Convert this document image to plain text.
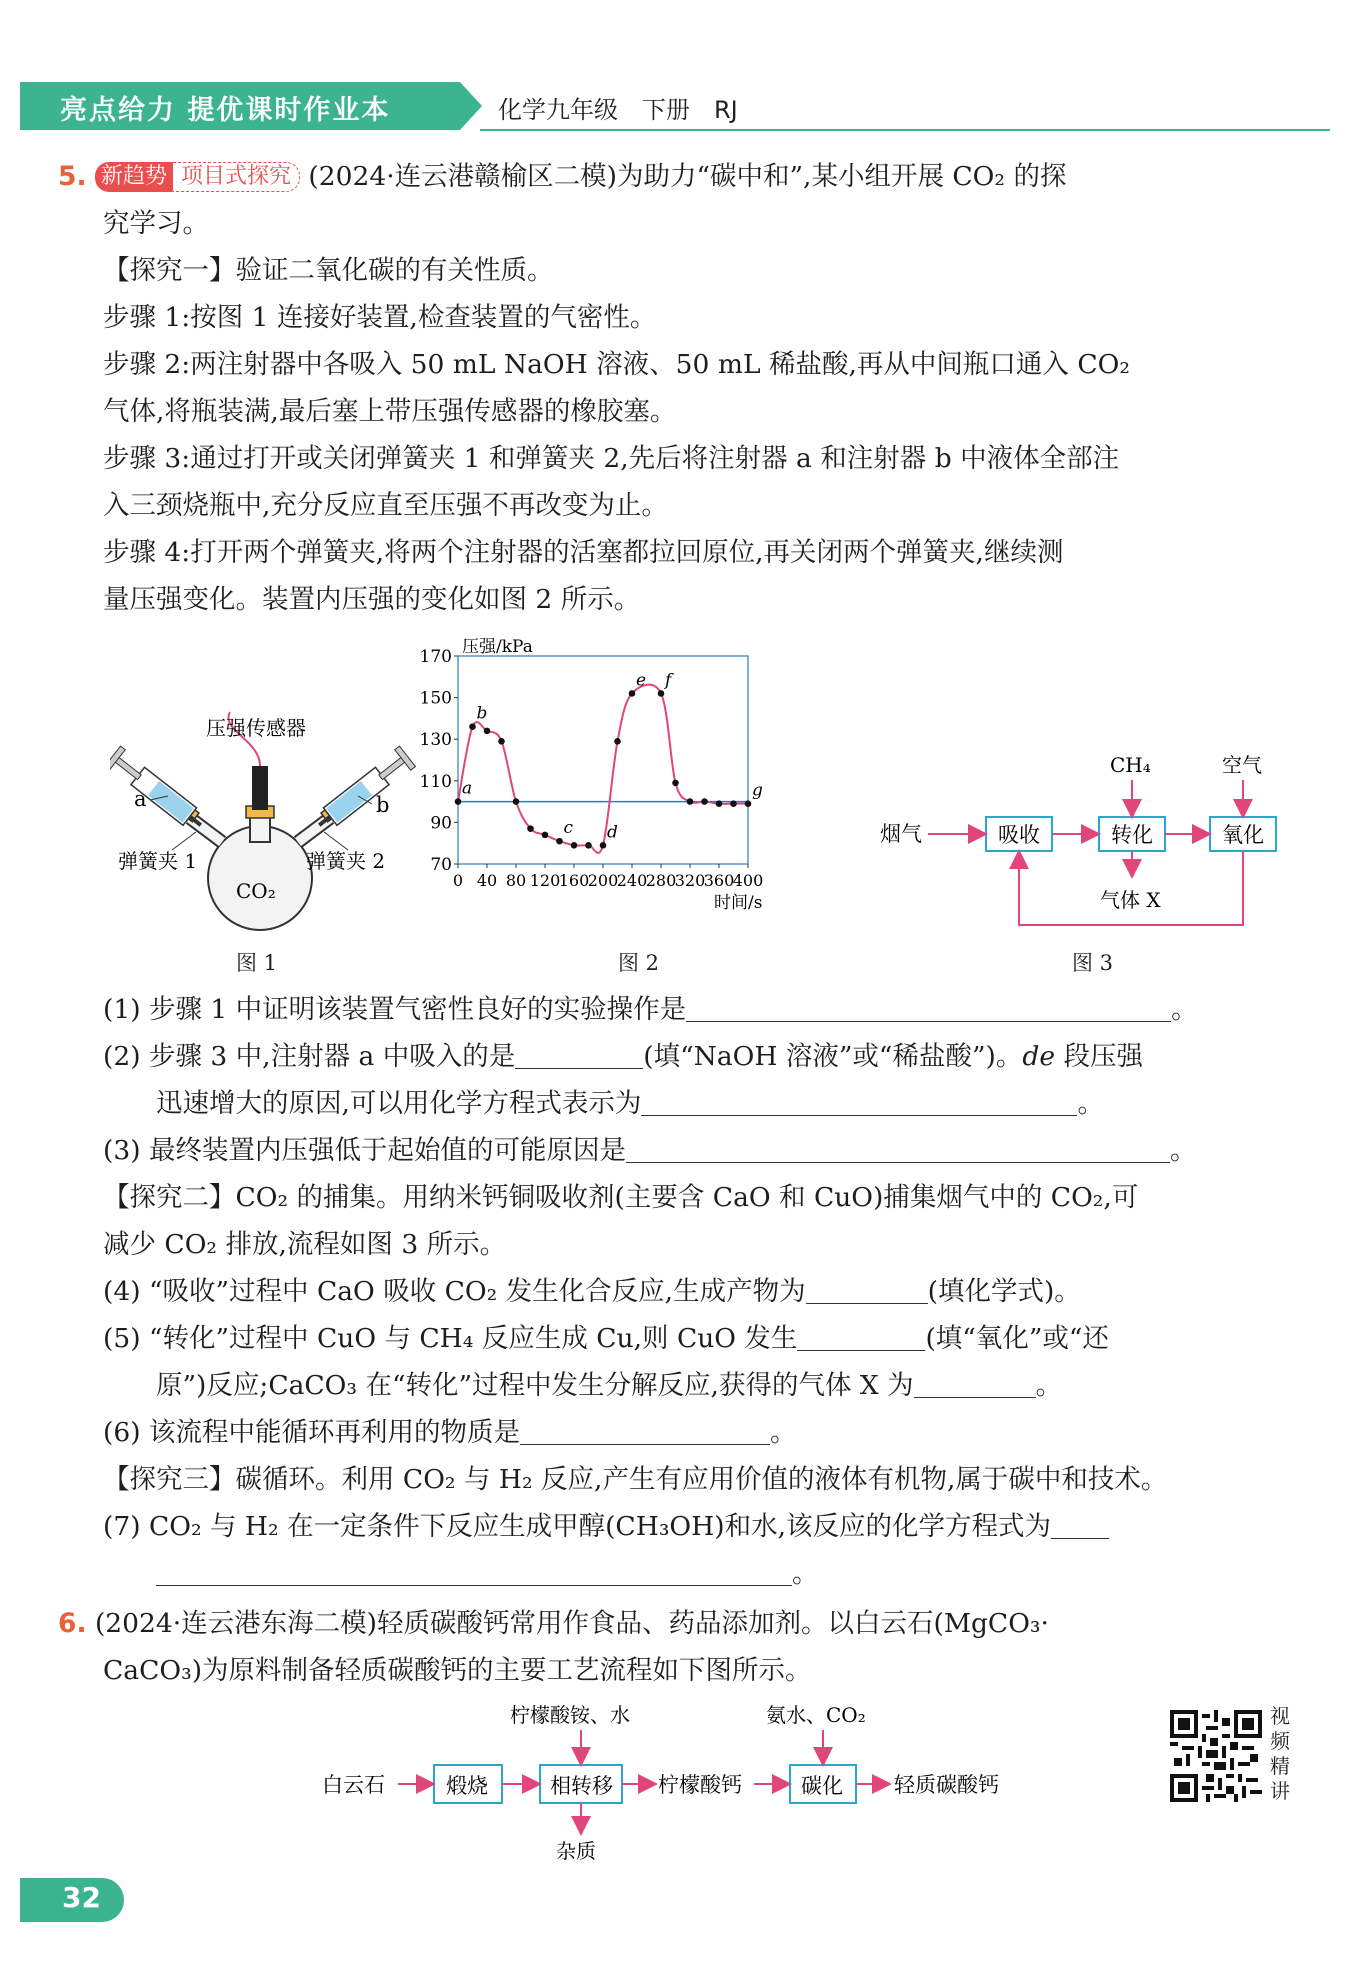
亮点给力 提优课时作业本	化学九年级　下册　RJ
5. 新趋势 项目式探究 (2024·连云港赣榆区二模)为助力“碳中和”,某小组开展 CO₂ 的探
究学习。
【探究一】验证二氧化碳的有关性质。
步骤 1:按图 1 连接好装置,检查装置的气密性。
步骤 2:两注射器中各吸入 50 mL NaOH 溶液、50 mL 稀盐酸,再从中间瓶口通入 CO₂
气体,将瓶装满,最后塞上带压强传感器的橡胶塞。
步骤 3:通过打开或关闭弹簧夹 1 和弹簧夹 2,先后将注射器 a 和注射器 b 中液体全部注
入三颈烧瓶中,充分反应直至压强不再改变为止。
步骤 4:打开两个弹簧夹,将两个注射器的活塞都拉回原位,再关闭两个弹簧夹,继续测
量压强变化。装置内压强的变化如图 2 所示。
压强传感器
a	b
弹簧夹 1	弹簧夹 2
CO₂
图 1
70
90
110
130
150
170
0 40 80 120
160
200
240
280
320
360
400
压强/kPa
时间/s
a
b
c d
e f
g
图 2
烟气	吸收	转化	氧化
CH₄	空气
气体 X
图 3
(1) 步骤 1 中证明该装置气密性良好的实验操作是	。
(2) 步骤 3 中,注射器 a 中吸入的是	(填“NaOH 溶液”或“稀盐酸”)。de 段压强
迅速增大的原因,可以用化学方程式表示为	。
(3) 最终装置内压强低于起始值的可能原因是	。
【探究二】CO₂ 的捕集。用纳米钙铜吸收剂(主要含 CaO 和 CuO)捕集烟气中的 CO₂,可
减少 CO₂ 排放,流程如图 3 所示。
(4) “吸收”过程中 CaO 吸收 CO₂ 发生化合反应,生成产物为	(填化学式)。
(5) “转化”过程中 CuO 与 CH₄ 反应生成 Cu,则 CuO 发生	(填“氧化”或“还
原”)反应;CaCO₃ 在“转化”过程中发生分解反应,获得的气体 X 为	。
(6) 该流程中能循环再利用的物质是	。
【探究三】碳循环。利用 CO₂ 与 H₂ 反应,产生有应用价值的液体有机物,属于碳中和技术。
(7) CO₂ 与 H₂ 在一定条件下反应生成甲醇(CH₃OH)和水,该反应的化学方程式为
。
6. (2024·连云港东海二模)轻质碳酸钙常用作食品、药品添加剂。以白云石(MgCO₃·
CaCO₃)为原料制备轻质碳酸钙的主要工艺流程如下图所示。
白云石	煅烧	相转移 柠檬酸钙	碳化 轻质碳酸钙
柠檬酸铵、水	氨水、CO₂
杂质
视频精讲
32
